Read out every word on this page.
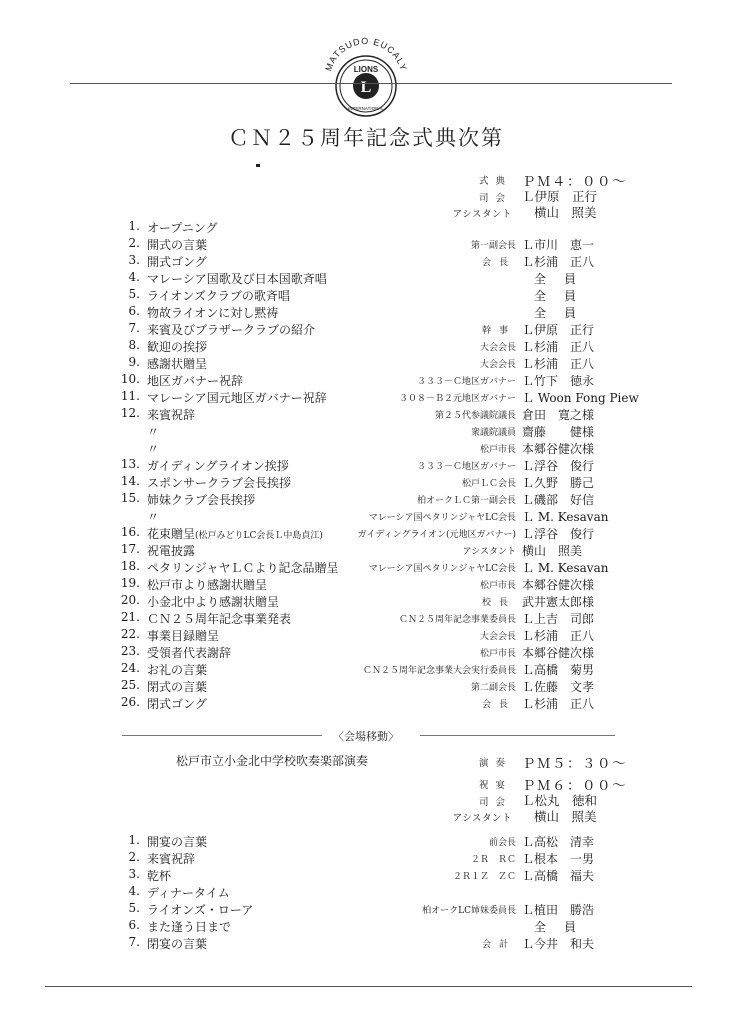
L
LIONS
INTERNATIONAL
MATSUDO EUCALY
ＣＮ２５周年記念式典次第
式典 ＰＭ４：００～
司会 Ｌ伊原　正行
アシスタント 横山　照美
1. オープニング
2. 開式の言葉	第一副会長 Ｌ市川　恵一
3. 開式ゴング	会長 Ｌ杉浦　正八
4. マレーシア国歌及び日本国歌斉唱	全員
5. ライオンズクラブの歌斉唱	全員
6. 物故ライオンに対し黙祷	全員
7. 来賓及びブラザークラブの紹介	幹事 Ｌ伊原　正行
8. 歓迎の挨拶	大会会長 Ｌ杉浦　正八
9. 感謝状贈呈	大会会長 Ｌ杉浦　正八
10. 地区ガバナー祝辞	３３３－Ｃ地区ガバナー Ｌ竹下　徳永
11. マレーシア国元地区ガバナー祝辞	３０８－Ｂ２元地区ガバナー Ｌ Woon Fong Piew
12. 来賓祝辞	第２５代参議院議長 倉田　寛之様
〃	衆議院議員 齋藤　　健様
〃	松戸市長 本郷谷健次様
13. ガイディングライオン挨拶	３３３－Ｃ地区ガバナー Ｌ浮谷　俊行
14. スポンサークラブ会長挨拶	松戸ＬＣ会長 Ｌ久野　勝己
15. 姉妹クラブ会長挨拶	柏オークＬＣ第一副会長 Ｌ磯部　好信
〃	マレーシア国ペタリンジャヤLC会長 Ｌ M. Kesavan
16. 花束贈呈(松戸みどりLC会長Ｌ中島貞江)	ガイディングライオン(元地区ガバナー) Ｌ浮谷　俊行
17. 祝電披露	アシスタント 横山　照美
18. ペタリンジャヤＬＣより記念品贈呈	マレーシア国ペタリンジャヤLC会長 Ｌ M. Kesavan
19. 松戸市より感謝状贈呈	松戸市長 本郷谷健次様
20. 小金北中より感謝状贈呈	校長 武井憲太郎様
21. ＣＮ２５周年記念事業発表	ＣＮ２５周年記念事業委員長 Ｌ上吉　司郎
22. 事業目録贈呈	大会会長 Ｌ杉浦　正八
23. 受領者代表謝辞	松戸市長 本郷谷健次様
24. お礼の言葉	ＣＮ２５周年記念事業大会実行委員長 Ｌ高橋　菊男
25. 閉式の言葉	第二副会長 Ｌ佐藤　文孝
26. 閉式ゴング	会長 Ｌ杉浦　正八
〈会場移動〉
松戸市立小金北中学校吹奏楽部演奏	演奏 ＰＭ５：３０～
祝宴 ＰＭ６：００～
司会 Ｌ松丸　徳和
アシスタント 横山　照美
1. 開宴の言葉	前会長 Ｌ高松　清幸
2. 来賓祝辞	２Ｒ　ＲＣ Ｌ根本　一男
3. 乾杯	２Ｒ１Ｚ　ＺＣ Ｌ高橋　福夫
4. ディナータイム
5. ライオンズ・ローア	柏オークLC姉妹委員長 Ｌ植田　勝浩
6. また逢う日まで	全員
7. 閉宴の言葉	会計 Ｌ今井　和夫
